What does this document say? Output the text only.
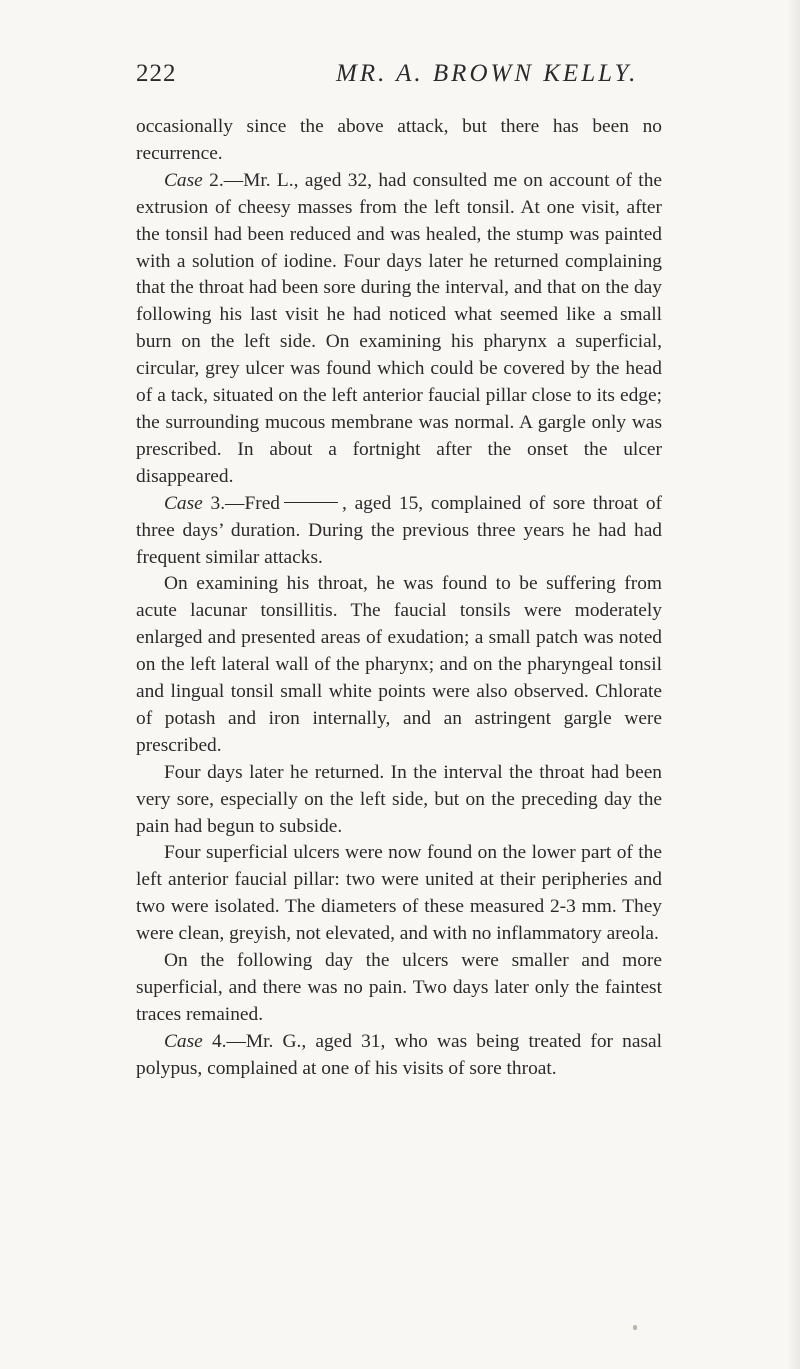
222	MR. A. BROWN KELLY.

occasionally since the above attack, but there has been no recurrence.

Case 2.—Mr. L., aged 32, had consulted me on account of the extrusion of cheesy masses from the left tonsil. At one visit, after the tonsil had been reduced and was healed, the stump was painted with a solution of iodine. Four days later he returned complaining that the throat had been sore during the interval, and that on the day following his last visit he had noticed what seemed like a small burn on the left side. On examining his pharynx a superficial, circular, grey ulcer was found which could be covered by the head of a tack, situated on the left anterior faucial pillar close to its edge; the surrounding mucous membrane was normal. A gargle only was prescribed. In about a fortnight after the onset the ulcer disappeared.

Case 3.—Fred	, aged 15, complained of sore throat of three days’ duration. During the previous three years he had had frequent similar attacks.

On examining his throat, he was found to be suffering from acute lacunar tonsillitis. The faucial tonsils were moderately enlarged and presented areas of exudation; a small patch was noted on the left lateral wall of the pharynx; and on the pharyngeal tonsil and lingual tonsil small white points were also observed. Chlorate of potash and iron internally, and an astringent gargle were prescribed.

Four days later he returned. In the interval the throat had been very sore, especially on the left side, but on the preceding day the pain had begun to subside.

Four superficial ulcers were now found on the lower part of the left anterior faucial pillar: two were united at their peripheries and two were isolated. The diameters of these measured 2-3 mm. They were clean, greyish, not elevated, and with no inflammatory areola.

On the following day the ulcers were smaller and more superficial, and there was no pain. Two days later only the faintest traces remained.

Case 4.—Mr. G., aged 31, who was being treated for nasal polypus, complained at one of his visits of sore throat.
